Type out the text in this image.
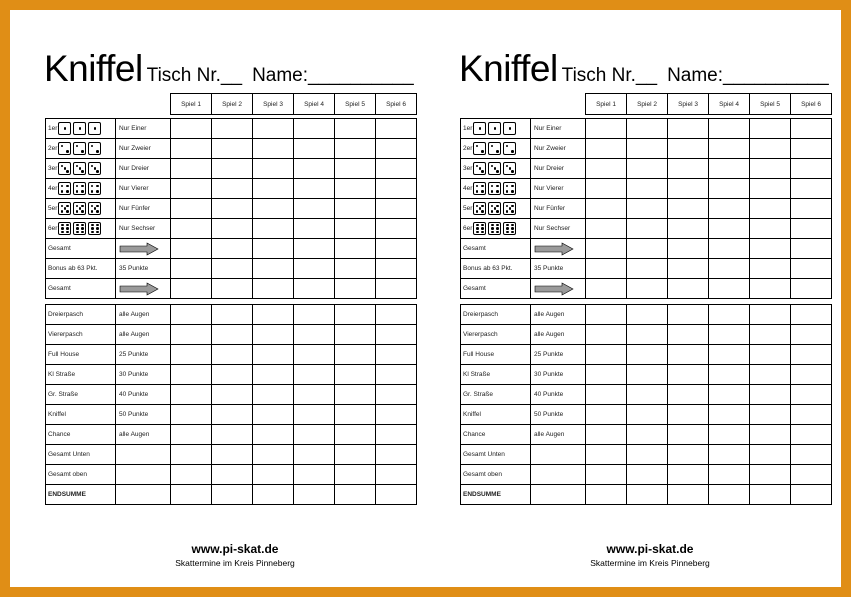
Kniffel Tisch Nr.__ Name:__________
		Spiel 1	Spiel 2	Spiel 3	Spiel 4	Spiel 5	Spiel 6

1er	Nur Einer						
2er	Nur Zweier						
3er	Nur Dreier						
4er	Nur Vierer						
5er	Nur Fünfer						
6er	Nur Sechser						
Gesamt							
Bonus ab 63 Pkt.	35 Punkte						
Gesamt							
Dreierpasch	alle Augen						
Viererpasch	alle Augen						
Full House	25 Punkte						
Kl Straße	30 Punkte						
Gr. Straße	40 Punkte						
Kniffel	50 Punkte						
Chance	alle Augen						
Gesamt Unten							
Gesamt oben							
ENDSUMME							
www.pi-skat.de
Skattermine im Kreis Pinneberg
Kniffel Tisch Nr.__ Name:__________
		Spiel 1	Spiel 2	Spiel 3	Spiel 4	Spiel 5	Spiel 6

1er	Nur Einer						
2er	Nur Zweier						
3er	Nur Dreier						
4er	Nur Vierer						
5er	Nur Fünfer						
6er	Nur Sechser						
Gesamt							
Bonus ab 63 Pkt.	35 Punkte						
Gesamt							
Dreierpasch	alle Augen						
Viererpasch	alle Augen						
Full House	25 Punkte						
Kl Straße	30 Punkte						
Gr. Straße	40 Punkte						
Kniffel	50 Punkte						
Chance	alle Augen						
Gesamt Unten							
Gesamt oben							
ENDSUMME							
www.pi-skat.de
Skattermine im Kreis Pinneberg
